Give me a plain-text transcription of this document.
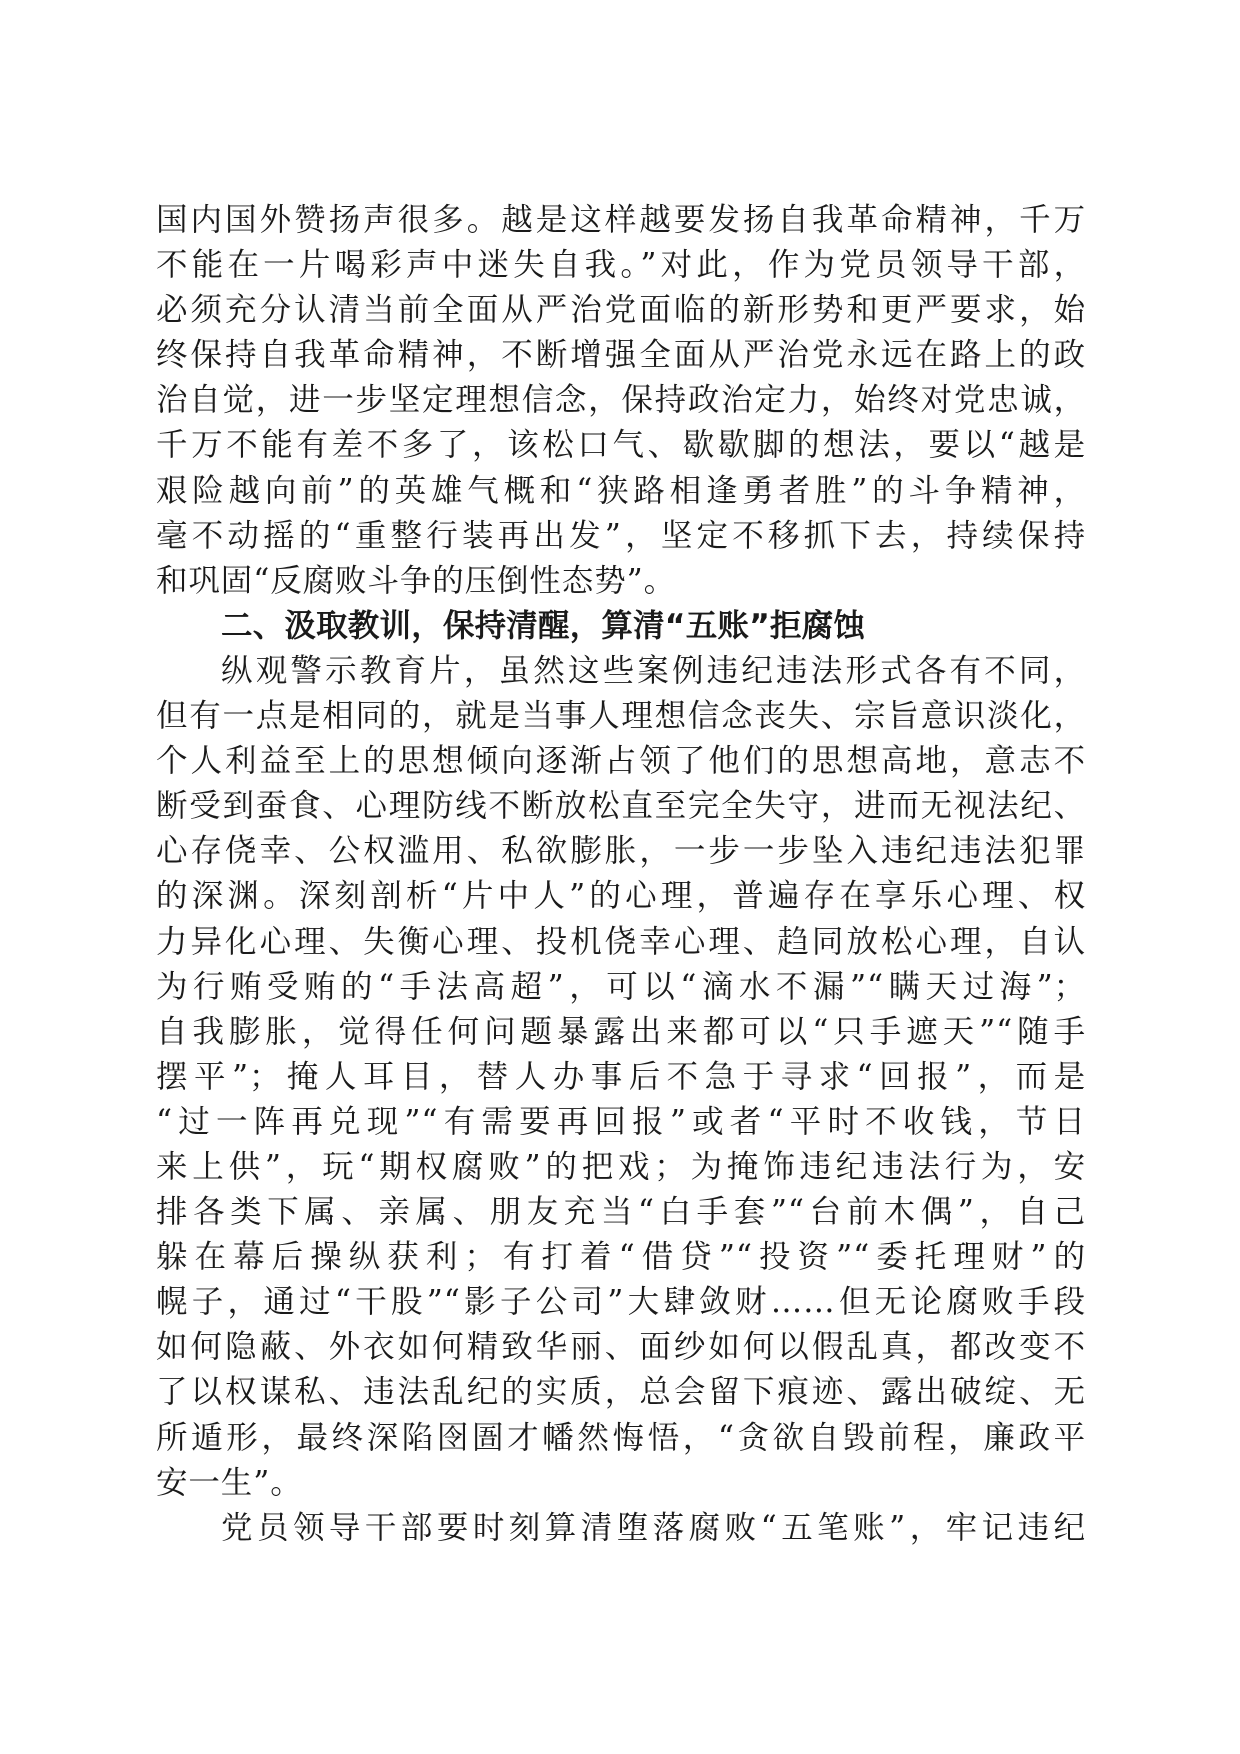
国内国外赞扬声很多。越是这样越要发扬自我革命精神，千万
不能在一片喝彩声中迷失自我。”对此，作为党员领导干部，
必须充分认清当前全面从严治党面临的新形势和更严要求，始
终保持自我革命精神，不断增强全面从严治党永远在路上的政
治自觉，进一步坚定理想信念，保持政治定力，始终对党忠诚，
千万不能有差不多了，该松口气、歇歇脚的想法，要以“越是
艰险越向前”的英雄气概和“狭路相逢勇者胜”的斗争精神，
毫不动摇的“重整行装再出发”，坚定不移抓下去，持续保持
和巩固“反腐败斗争的压倒性态势”。
二、汲取教训，保持清醒，算清“五账”拒腐蚀
纵观警示教育片，虽然这些案例违纪违法形式各有不同，
但有一点是相同的，就是当事人理想信念丧失、宗旨意识淡化，
个人利益至上的思想倾向逐渐占领了他们的思想高地，意志不
断受到蚕食、心理防线不断放松直至完全失守，进而无视法纪、
心存侥幸、公权滥用、私欲膨胀，一步一步坠入违纪违法犯罪
的深渊。深刻剖析“片中人”的心理，普遍存在享乐心理、权
力异化心理、失衡心理、投机侥幸心理、趋同放松心理，自认
为行贿受贿的“手法高超”，可以“滴水不漏”“瞒天过海”；
自我膨胀，觉得任何问题暴露出来都可以“只手遮天”“随手
摆平”；掩人耳目，替人办事后不急于寻求“回报”，而是
“过一阵再兑现”“有需要再回报”或者“平时不收钱，节日
来上供”，玩“期权腐败”的把戏；为掩饰违纪违法行为，安
排各类下属、亲属、朋友充当“白手套”“台前木偶”，自己
躲在幕后操纵获利；有打着“借贷”“投资”“委托理财”的
幌子，通过“干股”“影子公司”大肆敛财……但无论腐败手段
如何隐蔽、外衣如何精致华丽、面纱如何以假乱真，都改变不
了以权谋私、违法乱纪的实质，总会留下痕迹、露出破绽、无
所遁形，最终深陷囹圄才幡然悔悟，“贪欲自毁前程，廉政平
安一生”。
党员领导干部要时刻算清堕落腐败“五笔账”，牢记违纪
